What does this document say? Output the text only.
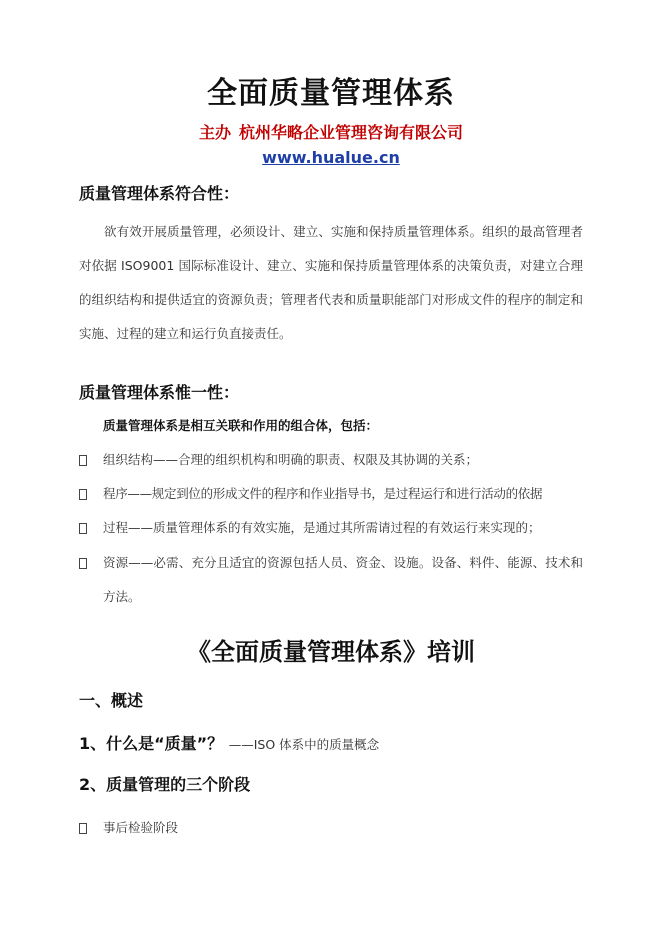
全面质量管理体系
主办 杭州华略企业管理咨询有限公司
www.hualue.cn
质量管理体系符合性：
欲有效开展质量管理，必须设计、建立、实施和保持质量管理体系。组织的最高管理者对依据 ISO9001 国际标准设计、建立、实施和保持质量管理体系的决策负责，对建立合理的组织结构和提供适宜的资源负责；管理者代表和质量职能部门对形成文件的程序的制定和实施、过程的建立和运行负直接责任。
质量管理体系惟一性：
质量管理体系是相互关联和作用的组合体，包括：
组织结构——合理的组织机构和明确的职责、权限及其协调的关系；
程序——规定到位的形成文件的程序和作业指导书，是过程运行和进行活动的依据
过程——质量管理体系的有效实施，是通过其所需请过程的有效运行来实现的；
资源——必需、充分且适宜的资源包括人员、资金、设施。设备、料件、能源、技术和方法。
《全面质量管理体系》培训
一、概述
1、什么是“质量”？ ——ISO 体系中的质量概念
2、质量管理的三个阶段
事后检验阶段
